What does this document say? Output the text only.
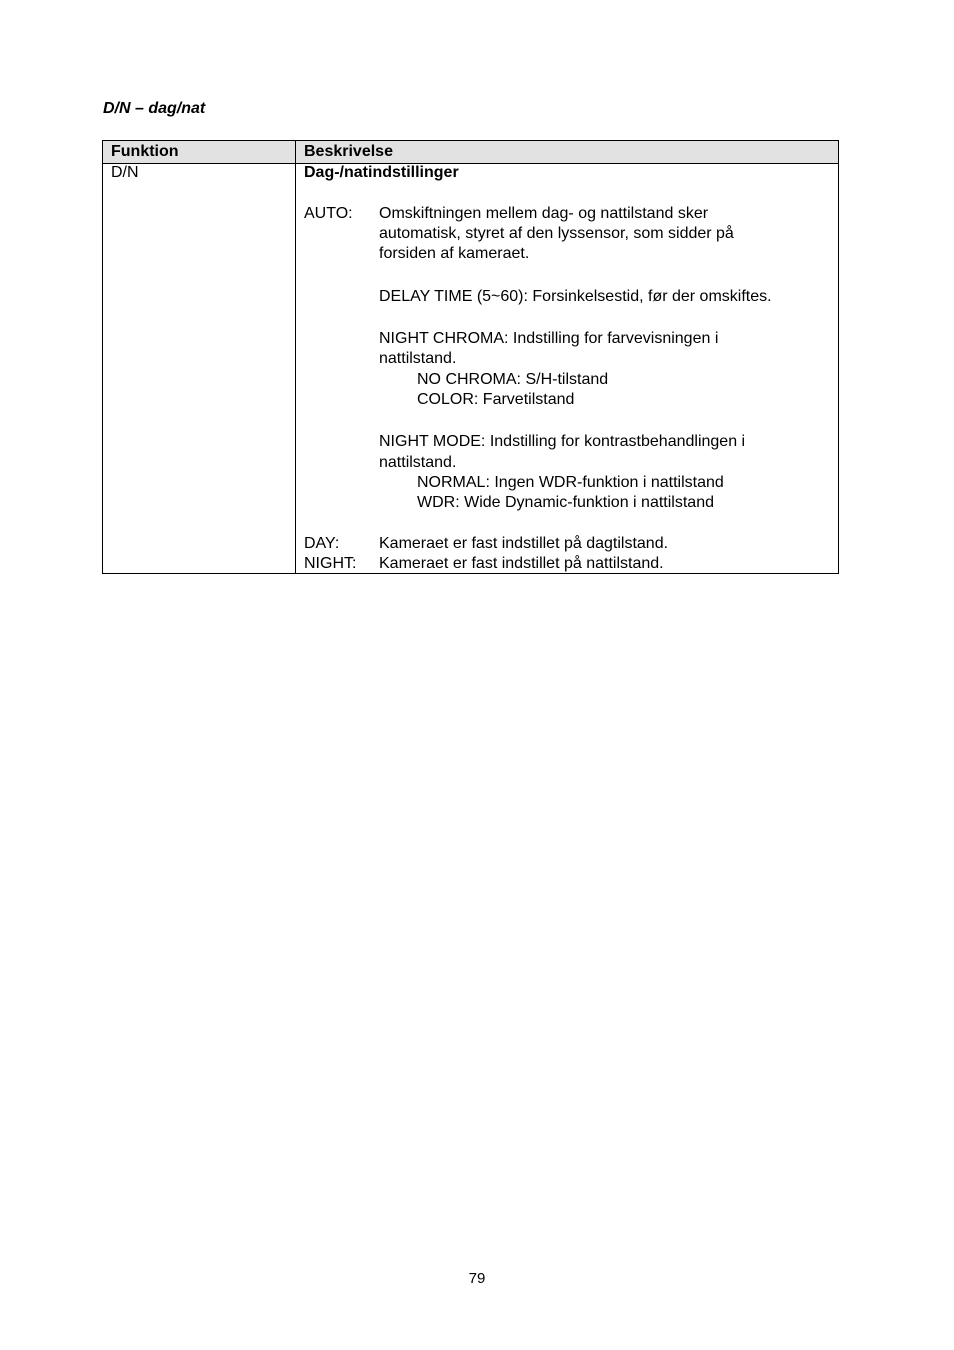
D/N – dag/nat
Funktion	Beskrivelse
D/N	Dag-/natindstillinger
AUTO: Omskiftningen mellem dag- og nattilstand sker
automatisk, styret af den lyssensor, som sidder på
forsiden af kameraet.
DELAY TIME (5~60): Forsinkelsestid, før der omskiftes.
NIGHT CHROMA: Indstilling for farvevisningen i
nattilstand.
NO CHROMA: S/H-tilstand
COLOR: Farvetilstand
NIGHT MODE: Indstilling for kontrastbehandlingen i
nattilstand.
NORMAL: Ingen WDR-funktion i nattilstand
WDR: Wide Dynamic-funktion i nattilstand
DAY: Kameraet er fast indstillet på dagtilstand.
NIGHT: Kameraet er fast indstillet på nattilstand.
79
